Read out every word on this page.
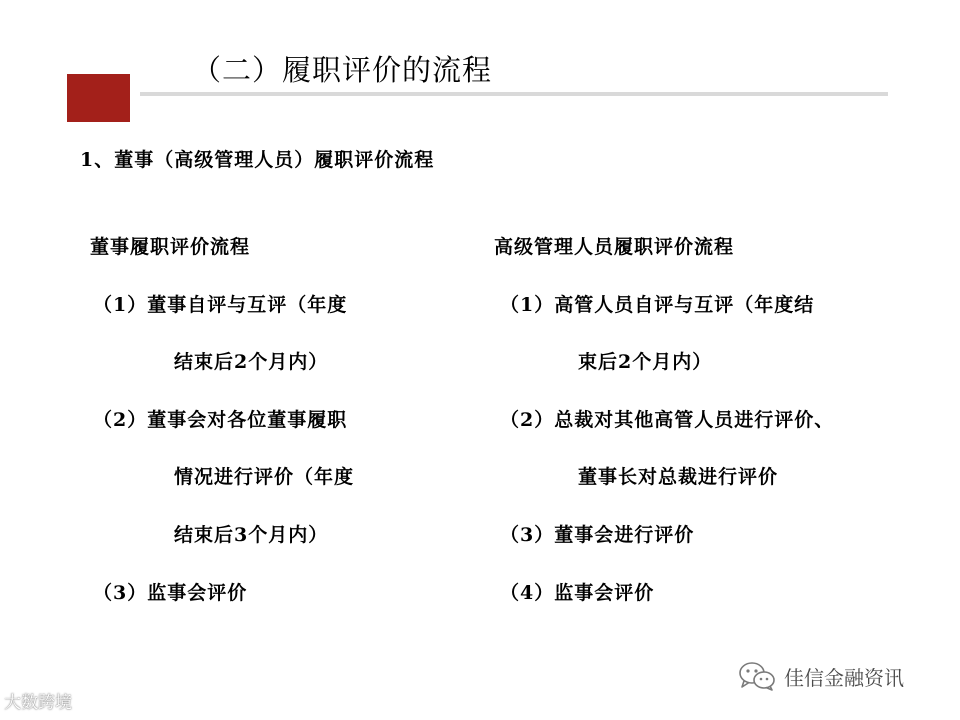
（二）履职评价的流程
1、董事（高级管理人员）履职评价流程
董事履职评价流程
（1）董事自评与互评（年度
结束后2个月内）
（2）董事会对各位董事履职
情况进行评价（年度
结束后3个月内）
（3）监事会评价
高级管理人员履职评价流程
（1）高管人员自评与互评（年度结
束后2个月内）
（2）总裁对其他高管人员进行评价、
董事长对总裁进行评价
（3）董事会进行评价
（4）监事会评价
大数跨境
佳信金融资讯
